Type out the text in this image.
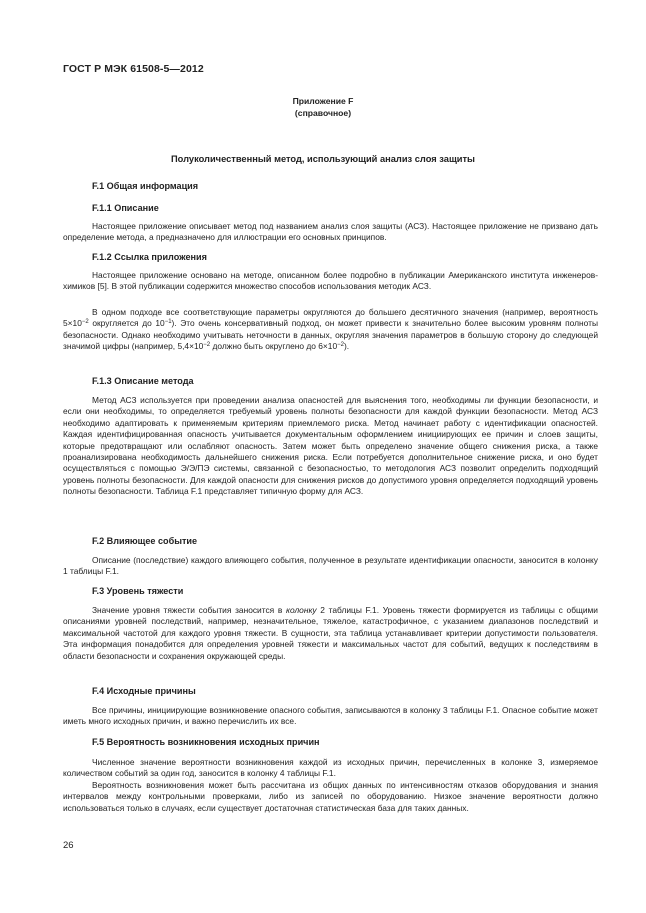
ГОСТ Р МЭК 61508-5—2012
Приложение F
(справочное)
Полуколичественный метод, использующий анализ слоя защиты
F.1 Общая информация
F.1.1 Описание

Настоящее приложение описывает метод под названием анализ слоя защиты (АСЗ). Настоящее приложение не призвано дать определение метода, а предназначено для иллюстрации его основных принципов.

F.1.2 Ссылка приложения

Настоящее приложение основано на методе, описанном более подробно в публикации Американского института инженеров-химиков [5]. В этой публикации содержится множество способов использования методик АСЗ.

В одном подходе все соответствующие параметры округляются до большего десятичного значения (например, вероятность $5\times 10^{-2}$ округляется до $10^{-1}$). Это очень консервативный подход, он может привести к значительно более высоким уровням полноты безопасности. Однако необходимо учитывать неточности в данных, округляя значения параметров в большую сторону до следующей значимой цифры (например, $5,4\times 10^{-2}$ должно быть округлено до $6\times 10^{-2}$).

F.1.3 Описание метода

Метод АСЗ используется при проведении анализа опасностей для выяснения того, необходимы ли функции безопасности, и если они необходимы, то определяется требуемый уровень полноты безопасности для каждой функции безопасности. Метод АСЗ необходимо адаптировать к применяемым критериям приемлемого риска. Метод начинает работу с идентификации опасностей. Каждая идентифицированная опасность учитывается документальным оформлением инициирующих ее причин и слоев защиты, которые предотвращают или ослабляют опасность. Затем может быть определено значение общего снижения риска, а также проанализирована необходимость дальнейшего снижения риска. Если потребуется дополнительное снижение риска, и оно будет осуществляться с помощью Э/Э/ПЭ системы, связанной с безопасностью, то методология АСЗ позволит определить подходящий уровень полноты безопасности. Для каждой опасности для снижения рисков до допустимого уровня определяется подходящий уровень полноты безопасности. Таблица F.1 представляет типичную форму для АСЗ.

F.2 Влияющее событие

Описание (последствие) каждого влияющего события, полученное в результате идентификации опасности, заносится в колонку 1 таблицы F.1.

F.3 Уровень тяжести

Значение уровня тяжести события заносится в колонку 2 таблицы F.1. Уровень тяжести формируется из таблицы с общими описаниями уровней последствий, например, незначительное, тяжелое, катастрофичное, с указанием диапазонов последствий и максимальной частотой для каждого уровня тяжести. В сущности, эта таблица устанавливает критерии допустимости пользователя. Эта информация понадобится для определения уровней тяжести и максимальных частот для событий, ведущих к последствиям в области безопасности и сохранения окружающей среды.

F.4 Исходные причины

Все причины, инициирующие возникновение опасного события, записываются в колонку 3 таблицы F.1. Опасное событие может иметь много исходных причин, и важно перечислить их все.

F.5 Вероятность возникновения исходных причин

Численное значение вероятности возникновения каждой из исходных причин, перечисленных в колонке 3, измеряемое количеством событий за один год, заносится в колонку 4 таблицы F.1.

Вероятность возникновения может быть рассчитана из общих данных по интенсивностям отказов оборудования и знания интервалов между контрольными проверками, либо из записей по оборудованию. Низкое значение вероятности должно использоваться только в случаях, если существует достаточная статистическая база для таких данных.

26
